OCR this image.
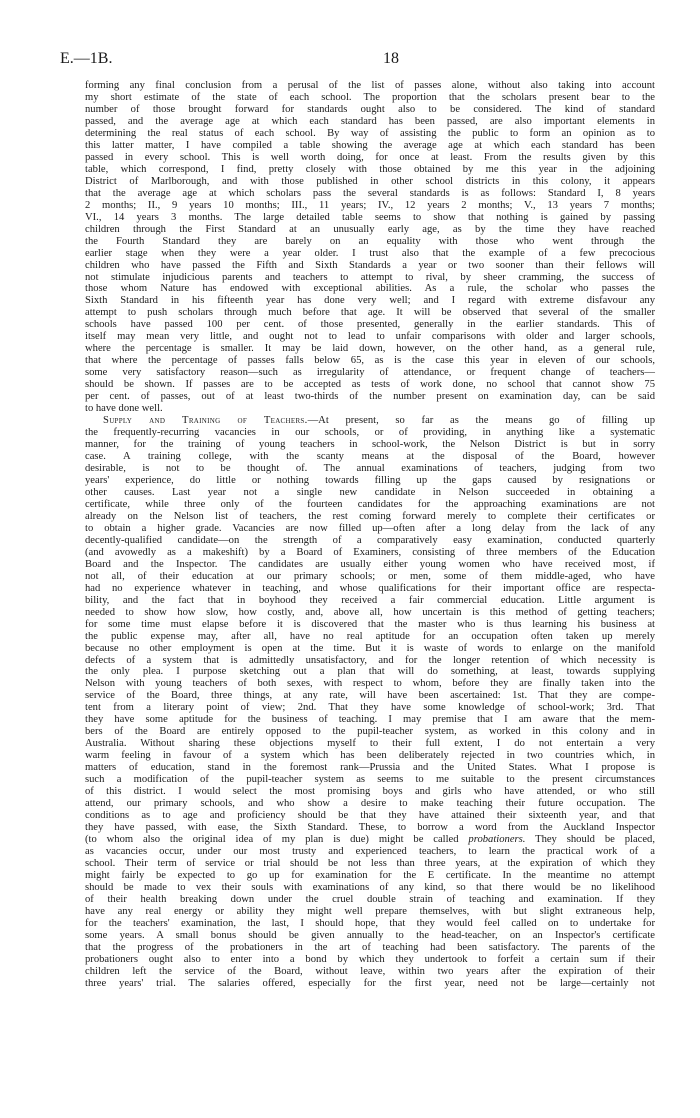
E.—1B.	18

forming any final conclusion from a perusal of the list of passes alone, without also taking into account

my short estimate of the state of each school. The proportion that the scholars present bear to the

number of those brought forward for standards ought also to be considered. The kind of standard

passed, and the average age at which each standard has been passed, are also important elements in

determining the real status of each school. By way of assisting the public to form an opinion as to

this latter matter, I have compiled a table showing the average age at which each standard has been

passed in every school. This is well worth doing, for once at least. From the results given by this

table, which correspond, I find, pretty closely with those obtained by me this year in the adjoining

District of Marlborough, and with those published in other school districts in this colony, it appears

that the average age at which scholars pass the several standards is as follows: Standard I, 8 years

2 months; II., 9 years 10 months; III., 11 years; IV., 12 years 2 months; V., 13 years 7 months;

VI., 14 years 3 months. The large detailed table seems to show that nothing is gained by passing

children through the First Standard at an unusually early age, as by the time they have reached

the Fourth Standard they are barely on an equality with those who went through the

earlier stage when they were a year older. I trust also that the example of a few precocious

children who have passed the Fifth and Sixth Standards a year or two sooner than their fellows will

not stimulate injudicious parents and teachers to attempt to rival, by sheer cramming, the success of

those whom Nature has endowed with exceptional abilities. As a rule, the scholar who passes the

Sixth Standard in his fifteenth year has done very well; and I regard with extreme disfavour any

attempt to push scholars through much before that age. It will be observed that several of the smaller

schools have passed 100 per cent. of those presented, generally in the earlier standards. This of

itself may mean very little, and ought not to lead to unfair comparisons with older and larger schools,

where the percentage is smaller. It may be laid down, however, on the other hand, as a general rule,

that where the percentage of passes falls below 65, as is the case this year in eleven of our schools,

some very satisfactory reason—such as irregularity of attendance, or frequent change of teachers—

should be shown. If passes are to be accepted as tests of work done, no school that cannot show 75

per cent. of passes, out of at least two-thirds of the number present on examination day, can be said

to have done well.

Supply and Training of Teachers.—At present, so far as the means go of filling up

the frequently-recurring vacancies in our schools, or of providing, in anything like a systematic

manner, for the training of young teachers in school-work, the Nelson District is but in sorry

case. A training college, with the scanty means at the disposal of the Board, however

desirable, is not to be thought of. The annual examinations of teachers, judging from two

years' experience, do little or nothing towards filling up the gaps caused by resignations or

other causes. Last year not a single new candidate in Nelson succeeded in obtaining a

certificate, while three only of the fourteen candidates for the approaching examinations are not

already on the Nelson list of teachers, the rest coming forward merely to complete their certificates or

to obtain a higher grade. Vacancies are now filled up—often after a long delay from the lack of any

decently-qualified candidate—on the strength of a comparatively easy examination, conducted quarterly

(and avowedly as a makeshift) by a Board of Examiners, consisting of three members of the Education

Board and the Inspector. The candidates are usually either young women who have received most, if

not all, of their education at our primary schools; or men, some of them middle-aged, who have

had no experience whatever in teaching, and whose qualifications for their important office are respecta-

bility, and the fact that in boyhood they received a fair commercial education. Little argument is

needed to show how slow, how costly, and, above all, how uncertain is this method of getting teachers;

for some time must elapse before it is discovered that the master who is thus learning his business at

the public expense may, after all, have no real aptitude for an occupation often taken up merely

because no other employment is open at the time. But it is waste of words to enlarge on the manifold

defects of a system that is admittedly unsatisfactory, and for the longer retention of which necessity is

the only plea. I purpose sketching out a plan that will do something, at least, towards supplying

Nelson with young teachers of both sexes, with respect to whom, before they are finally taken into the

service of the Board, three things, at any rate, will have been ascertained: 1st. That they are compe-

tent from a literary point of view; 2nd. That they have some knowledge of school-work; 3rd. That

they have some aptitude for the business of teaching. I may premise that I am aware that the mem-

bers of the Board are entirely opposed to the pupil-teacher system, as worked in this colony and in

Australia. Without sharing these objections myself to their full extent, I do not entertain a very

warm feeling in favour of a system which has been deliberately rejected in two countries which, in

matters of education, stand in the foremost rank—Prussia and the United States. What I propose is

such a modification of the pupil-teacher system as seems to me suitable to the present circumstances

of this district. I would select the most promising boys and girls who have attended, or who still

attend, our primary schools, and who show a desire to make teaching their future occupation. The

conditions as to age and proficiency should be that they have attained their sixteenth year, and that

they have passed, with ease, the Sixth Standard. These, to borrow a word from the Auckland Inspector

(to whom also the original idea of my plan is due) might be called probationers. They should be placed,

as vacancies occur, under our most trusty and experienced teachers, to learn the practical work of a

school. Their term of service or trial should be not less than three years, at the expiration of which they

might fairly be expected to go up for examination for the E certificate. In the meantime no attempt

should be made to vex their souls with examinations of any kind, so that there would be no likelihood

of their health breaking down under the cruel double strain of teaching and examination. If they

have any real energy or ability they might well prepare themselves, with but slight extraneous help,

for the teachers' examination, the last, I should hope, that they would feel called on to undertake for

some years. A small bonus should be given annually to the head-teacher, on an Inspector's certificate

that the progress of the probationers in the art of teaching had been satisfactory. The parents of the

probationers ought also to enter into a bond by which they undertook to forfeit a certain sum if their

children left the service of the Board, without leave, within two years after the expiration of their

three years' trial. The salaries offered, especially for the first year, need not be large—certainly not
